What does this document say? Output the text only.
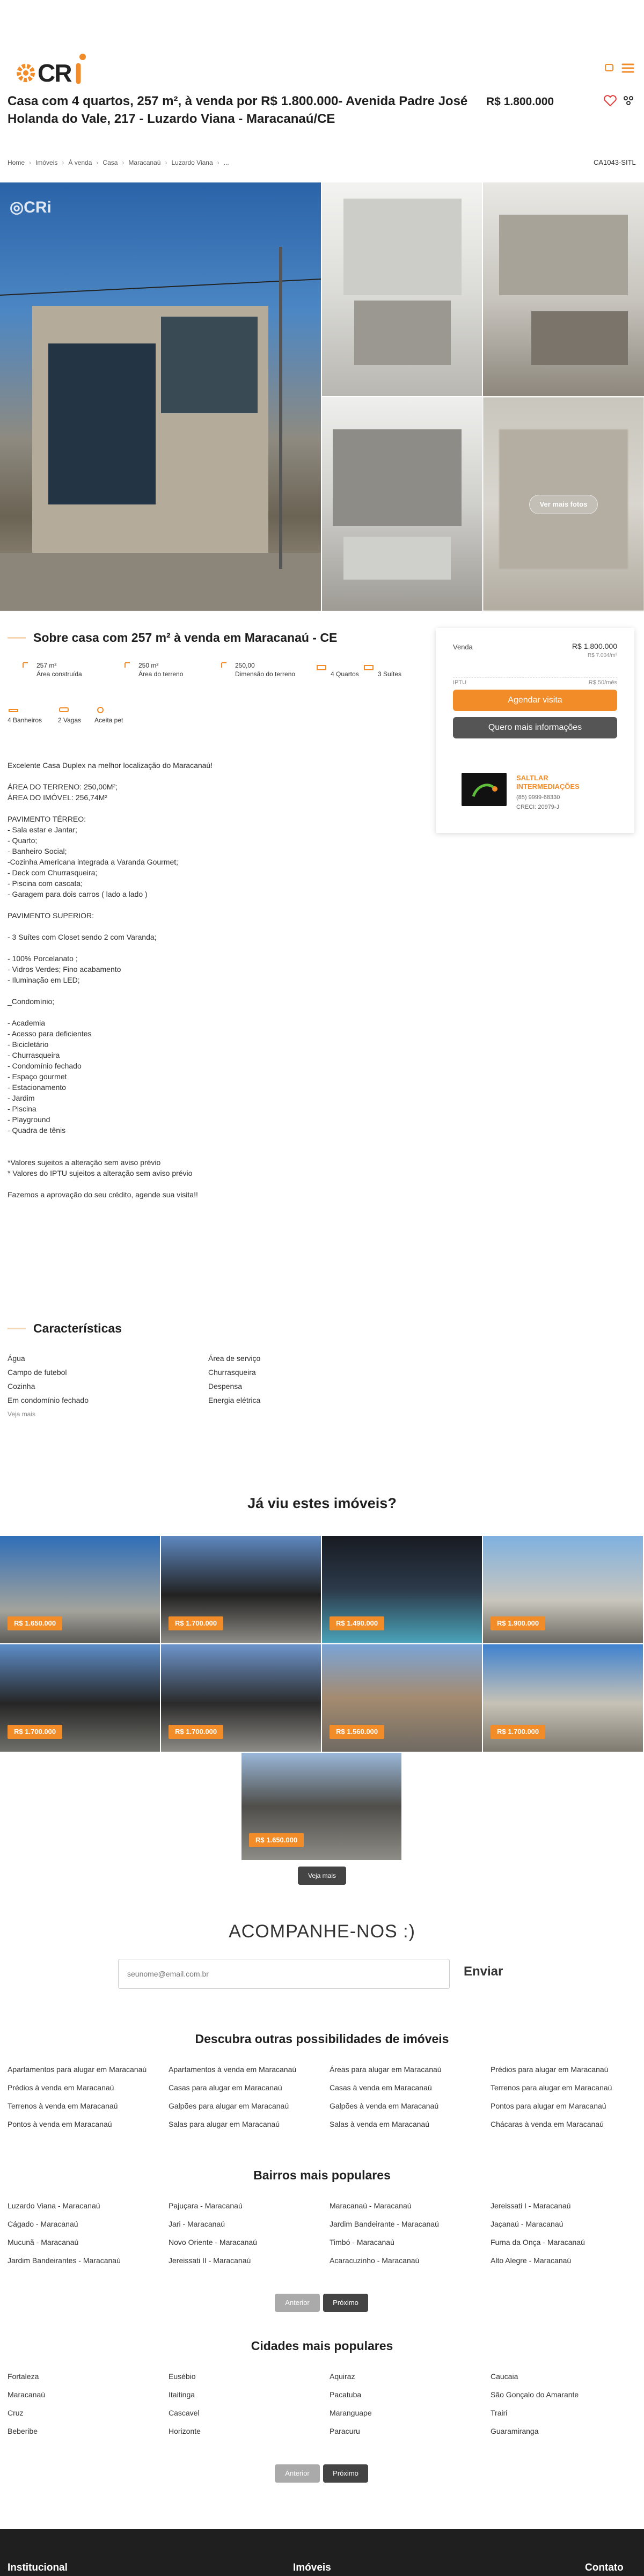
CR
Casa com 4 quartos, 257 m², à venda por R$ 1.800.000- Avenida Padre José Holanda do Vale, 217 - Luzardo Viana - Maracanaú/CE
R$ 1.800.000
Home › Imóveis › À venda › Casa › Maracanaú › Luzardo Viana › ...	CA1043-SITL
◎CRi
Ver mais fotos
Sobre casa com 257 m² à venda em Maracanaú - CE
257 m²
Área construída
250 m²
Área do terreno
250,00
Dimensão do terreno
	4 Quartos
	3 Suítes
4 Banheiros 2 Vagas Aceita pet
Excelente Casa Duplex na melhor localização do Maracanaú!
ÁREA DO TERRENO: 250,00M²;
ÁREA DO IMÓVEL: 256,74M²
PAVIMENTO TÉRREO:
- Sala estar e Jantar;
- Quarto;
- Banheiro Social;
-Cozinha Americana integrada a Varanda Gourmet;
- Deck com Churrasqueira;
- Piscina com cascata;
- Garagem para dois carros ( lado a lado )
PAVIMENTO SUPERIOR:
- 3 Suítes com Closet sendo 2 com Varanda;
- 100% Porcelanato ;
- Vidros Verdes; Fino acabamento
- Iluminação em LED;
_Condomínio;
- Academia
- Acesso para deficientes
- Bicicletário
- Churrasqueira
- Condomínio fechado
- Espaço gourmet
- Estacionamento
- Jardim
- Piscina
- Playground
- Quadra de tênis
*Valores sujeitos a alteração sem aviso prévio
* Valores do IPTU sujeitos a alteração sem aviso prévio
Fazemos a aprovação do seu crédito, agende sua visita!!
Venda	R$ 1.800.000
R$ 7.004/m²
IPTU	R$ 50/mês
Agendar visita
Quero mais informações
SALTLAR INTERMEDIAÇÕES
(85) 9999-68330
CRECI: 20979-J
Características
Água
Campo de futebol
Cozinha
Em condomínio fechado
Veja mais
Área de serviço
Churrasqueira
Despensa
Energia elétrica
Já viu estes imóveis?
R$ 1.650.000	R$ 1.700.000	R$ 1.490.000	R$ 1.900.000
R$ 1.700.000	R$ 1.700.000	R$ 1.560.000	R$ 1.700.000
R$ 1.650.000
Veja mais
ACOMPANHE-NOS :)
seunome@email.com.br
Enviar
Descubra outras possibilidades de imóveis
Apartamentos para alugar em Maracanaú	Apartamentos à venda em Maracanaú	Áreas para alugar em Maracanaú	Prédios para alugar em Maracanaú
Prédios à venda em Maracanaú	Casas para alugar em Maracanaú	Casas à venda em Maracanaú	Terrenos para alugar em Maracanaú
Terrenos à venda em Maracanaú	Galpões para alugar em Maracanaú	Galpões à venda em Maracanaú	Pontos para alugar em Maracanaú
Pontos à venda em Maracanaú	Salas para alugar em Maracanaú	Salas à venda em Maracanaú	Chácaras à venda em Maracanaú
Bairros mais populares
Luzardo Viana - Maracanaú	Pajuçara - Maracanaú	Maracanaú - Maracanaú	Jereissati I - Maracanaú
Cágado - Maracanaú	Jari - Maracanaú	Jardim Bandeirante - Maracanaú	Jaçanaú - Maracanaú
Mucunã - Maracanaú	Novo Oriente - Maracanaú	Timbó - Maracanaú	Furna da Onça - Maracanaú
Jardim Bandeirantes - Maracanaú	Jereissati II - Maracanaú	Acaracuzinho - Maracanaú	Alto Alegre - Maracanaú
Anterior	Próximo
Cidades mais populares
Fortaleza	Eusébio	Aquiraz	Caucaia
Maracanaú	Itaitinga	Pacatuba	São Gonçalo do Amarante
Cruz	Cascavel	Maranguape	Trairi
Beberibe	Horizonte	Paracuru	Guaramiranga
Anterior	Próximo
Institucional	Imóveis	Contato
